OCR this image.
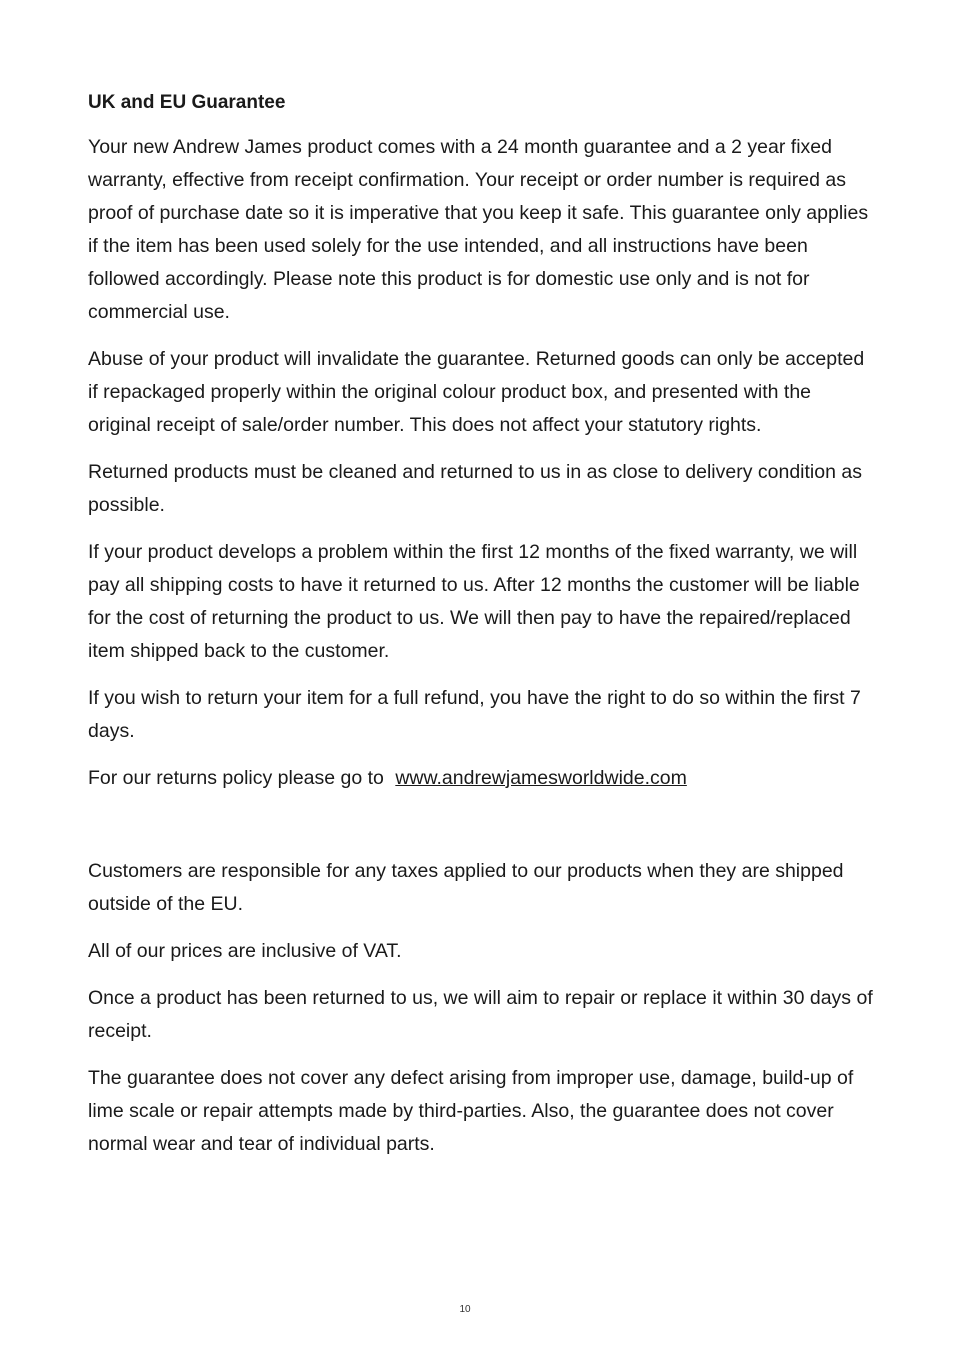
UK and EU Guarantee

Your new Andrew James product comes with a 24 month guarantee and a 2 year fixed warranty, effective from receipt confirmation. Your receipt or order number is required as proof of purchase date so it is imperative that you keep it safe. This guarantee only applies if the item has been used solely for the use intended, and all instructions have been followed accordingly. Please note this product is for domestic use only and is not for commercial use.

Abuse of your product will invalidate the guarantee. Returned goods can only be accepted if repackaged properly within the original colour product box, and presented with the original receipt of sale/order number. This does not affect your statutory rights.

Returned products must be cleaned and returned to us in as close to delivery condition as possible.

If your product develops a problem within the first 12 months of the fixed warranty, we will pay all shipping costs to have it returned to us. After 12 months the customer will be liable for the cost of returning the product to us. We will then pay to have the repaired/replaced item shipped back to the customer.

If you wish to return your item for a full refund, you have the right to do so within the first 7 days.

For our returns policy please go to www.andrewjamesworldwide.com

Customers are responsible for any taxes applied to our products when they are shipped outside of the EU.

All of our prices are inclusive of VAT.

Once a product has been returned to us, we will aim to repair or replace it within 30 days of receipt.

The guarantee does not cover any defect arising from improper use, damage, build-up of lime scale or repair attempts made by third-parties. Also, the guarantee does not cover normal wear and tear of individual parts.

10
